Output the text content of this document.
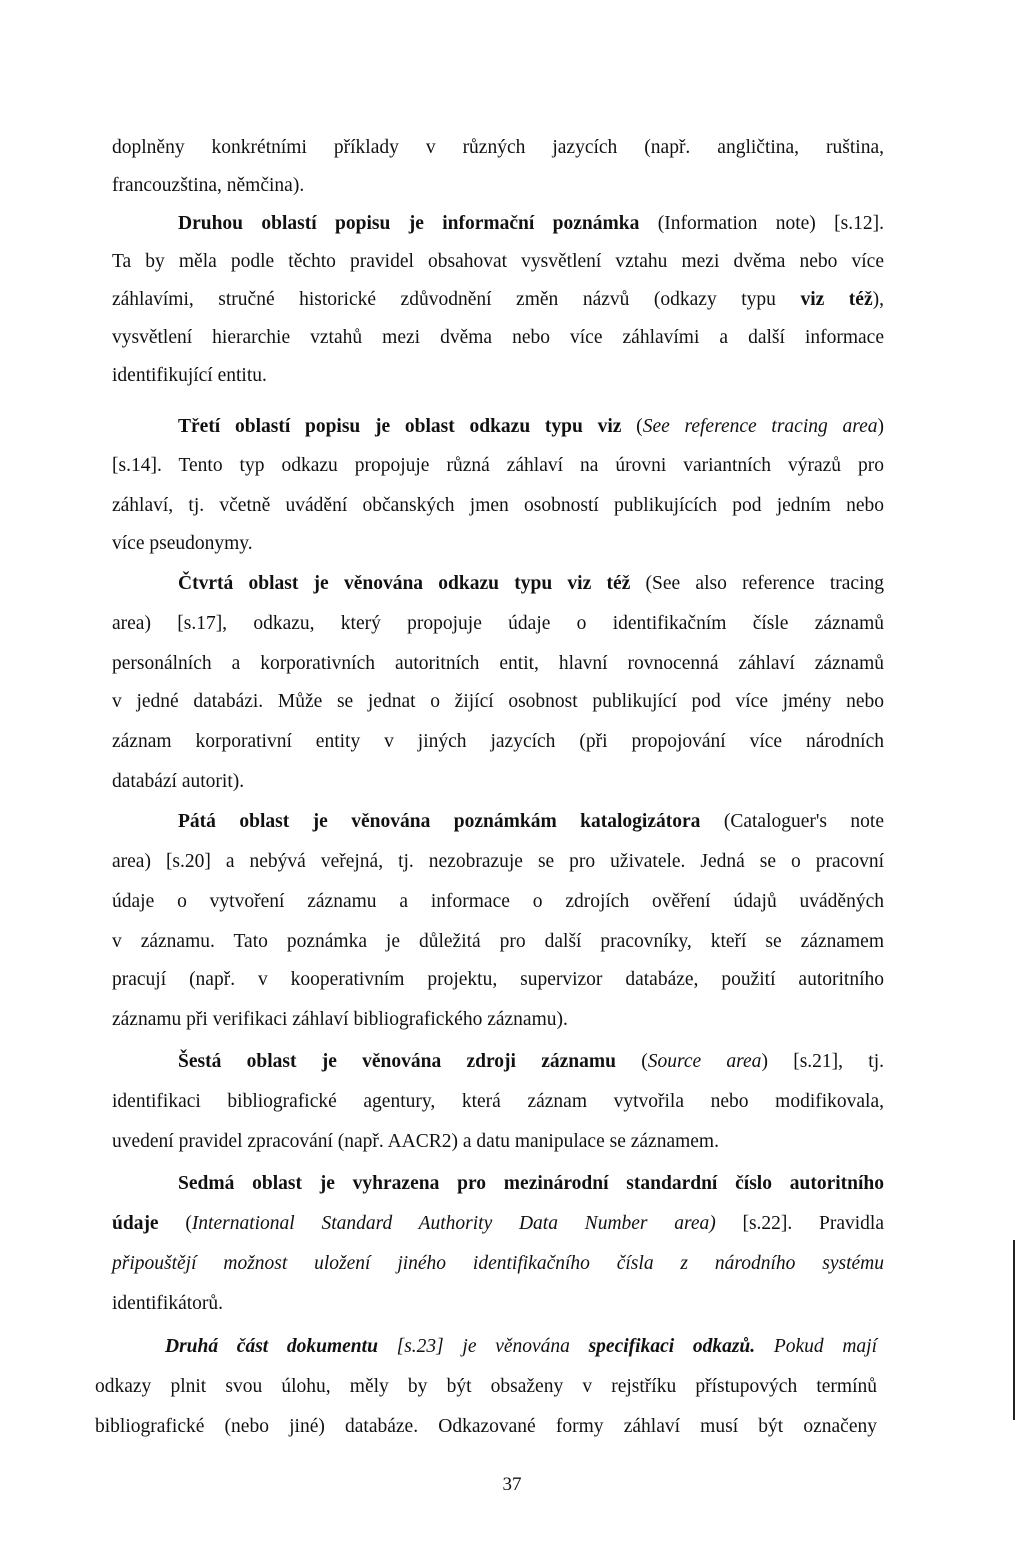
doplněny konkrétními příklady v různých jazycích (např. angličtina, ruština,

francouzština, němčina).

Druhou oblastí popisu je informační poznámka (Information note) [s.12].

Ta by měla podle těchto pravidel obsahovat vysvětlení vztahu mezi dvěma nebo více

záhlavími, stručné historické zdůvodnění změn názvů (odkazy typu viz též),

vysvětlení hierarchie vztahů mezi dvěma nebo více záhlavími a další informace

identifikující entitu.

Třetí oblastí popisu je oblast odkazu typu viz (See reference tracing area)

[s.14]. Tento typ odkazu propojuje různá záhlaví na úrovni variantních výrazů pro

záhlaví, tj. včetně uvádění občanských jmen osobností publikujících pod jedním nebo

více pseudonymy.

Čtvrtá oblast je věnována odkazu typu viz též (See also reference tracing

area) [s.17], odkazu, který propojuje údaje o identifikačním čísle záznamů

personálních a korporativních autoritních entit, hlavní rovnocenná záhlaví záznamů

v jedné databázi. Může se jednat o žijící osobnost publikující pod více jmény nebo

záznam korporativní entity v jiných jazycích (při propojování více národních

databází autorit).

Pátá oblast je věnována poznámkám katalogizátora (Cataloguer's note

area) [s.20] a nebývá veřejná, tj. nezobrazuje se pro uživatele. Jedná se o pracovní

údaje o vytvoření záznamu a informace o zdrojích ověření údajů uváděných

v záznamu. Tato poznámka je důležitá pro další pracovníky, kteří se záznamem

pracují (např. v kooperativním projektu, supervizor databáze, použití autoritního

záznamu při verifikaci záhlaví bibliografického záznamu).

Šestá oblast je věnována zdroji záznamu (Source area) [s.21], tj.

identifikaci bibliografické agentury, která záznam vytvořila nebo modifikovala,

uvedení pravidel zpracování (např. AACR2) a datu manipulace se záznamem.

Sedmá oblast je vyhrazena pro mezinárodní standardní číslo autoritního

údaje (International Standard Authority Data Number area) [s.22]. Pravidla

připouštějí možnost uložení jiného identifikačního čísla z národního systému

identifikátorů.

Druhá část dokumentu [s.23] je věnována specifikaci odkazů. Pokud mají

odkazy plnit svou úlohu, měly by být obsaženy v rejstříku přístupových termínů

bibliografické (nebo jiné) databáze. Odkazované formy záhlaví musí být označeny

37
